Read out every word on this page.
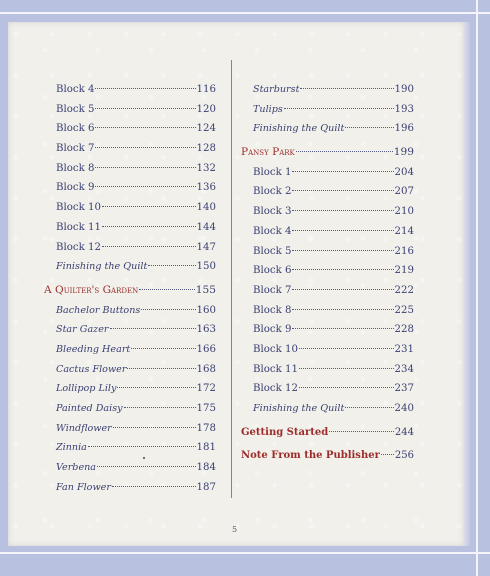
Block 4	116
Block 5	120
Block 6	124
Block 7	128
Block 8	132
Block 9	136
Block 10	140
Block 11	144
Block 12	147
Finishing the Quilt	150
A Quilter's Garden	155
Bachelor Buttons	160
Star Gazer	163
Bleeding Heart	166
Cactus Flower	168
Lollipop Lily	172
Painted Daisy	175
Windflower	178
Zinnia	181
Verbena	184
Fan Flower	187
Starburst	190
Tulips	193
Finishing the Quilt	196
Pansy Park	199
Block 1	204
Block 2	207
Block 3	210
Block 4	214
Block 5	216
Block 6	219
Block 7	222
Block 8	225
Block 9	228
Block 10	231
Block 11	234
Block 12	237
Finishing the Quilt	240
Getting Started	244
Note From the Publisher 256
5
